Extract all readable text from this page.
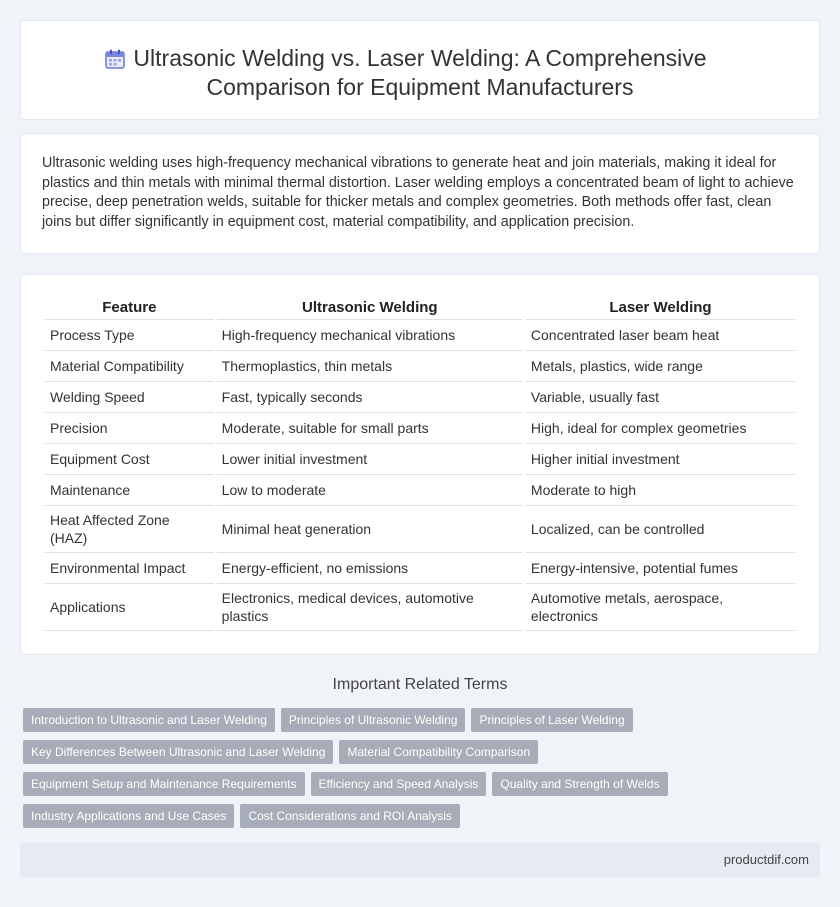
Ultrasonic Welding vs. Laser Welding: A Comprehensive Comparison for Equipment Manufacturers

Ultrasonic welding uses high-frequency mechanical vibrations to generate heat and join materials, making it ideal for plastics and thin metals with minimal thermal distortion. Laser welding employs a concentrated beam of light to achieve precise, deep penetration welds, suitable for thicker metals and complex geometries. Both methods offer fast, clean joins but differ significantly in equipment cost, material compatibility, and application precision.

Feature	Ultrasonic Welding	Laser Welding
Process Type	High-frequency mechanical vibrations	Concentrated laser beam heat
Material Compatibility	Thermoplastics, thin metals	Metals, plastics, wide range
Welding Speed	Fast, typically seconds	Variable, usually fast
Precision	Moderate, suitable for small parts	High, ideal for complex geometries
Equipment Cost	Lower initial investment	Higher initial investment
Maintenance	Low to moderate	Moderate to high
Heat Affected Zone (HAZ)	Minimal heat generation	Localized, can be controlled
Environmental Impact	Energy-efficient, no emissions	Energy-intensive, potential fumes
Applications	Electronics, medical devices, automotive plastics	Automotive metals, aerospace, electronics
Important Related Terms
Introduction to Ultrasonic and Laser Welding Principles of Ultrasonic Welding Principles of Laser Welding
Key Differences Between Ultrasonic and Laser Welding Material Compatibility Comparison
Equipment Setup and Maintenance Requirements Efficiency and Speed Analysis Quality and Strength of Welds
Industry Applications and Use Cases Cost Considerations and ROI Analysis
productdif.com
